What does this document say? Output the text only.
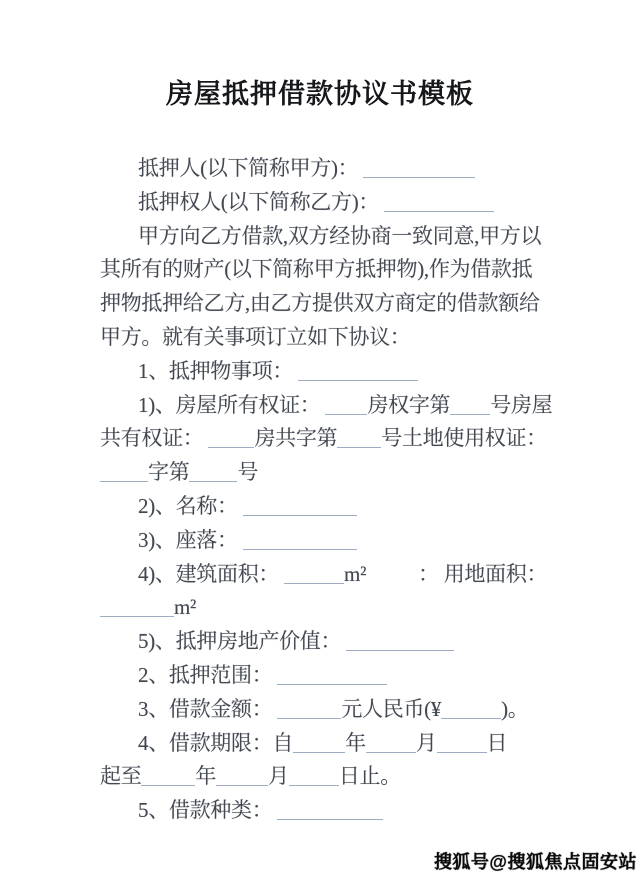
房屋抵押借款协议书模板
抵押人(以下简称甲方)：
抵押权人(以下简称乙方)：
甲方向乙方借款,双方经协商一致同意,甲方以
其所有的财产(以下简称甲方抵押物),作为借款抵
押物抵押给乙方,由乙方提供双方商定的借款额给
甲方。就有关事项订立如下协议：
1、抵押物事项：
1)、房屋所有权证： 房权字第 号房屋
共有权证： 房共字第 号土地使用权证：
字第 号
2)、名称：
3)、座落：
4)、建筑面积：	m² ： 用地面积：
m²
5)、抵押房地产价值：
2、抵押范围：
3、借款金额：	元人民币(¥	)。
4、借款期限：自 年 月 日
起至	年 月 日止。
5、借款种类：
搜狐号@搜狐焦点固安站
